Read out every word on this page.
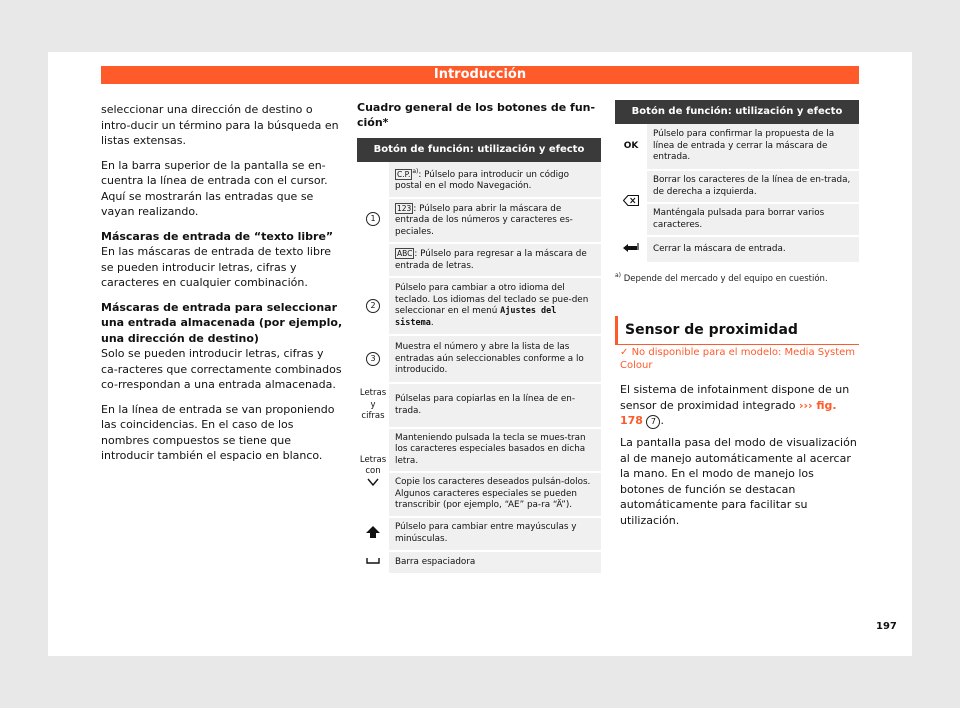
Introducción

seleccionar una dirección de destino o intro-ducir un término para la búsqueda en listas extensas.

En la barra superior de la pantalla se en-cuentra la línea de entrada con el cursor. Aquí se mostrarán las entradas que se vayan realizando.

Máscaras de entrada de “texto libre”

En las máscaras de entrada de texto libre se pueden introducir letras, cifras y caracteres en cualquier combinación.

Máscaras de entrada para seleccionar una entrada almacenada (por ejemplo, una dirección de destino)

Solo se pueden introducir letras, cifras y ca-racteres que correctamente combinados co-rrespondan a una entrada almacenada.

En la línea de entrada se van proponiendo las coincidencias. En el caso de los nombres compuestos se tiene que introducir también el espacio en blanco.

Cuadro general de los botones de fun-ción*

Botón de función: utilización y efecto	
1	C.P. $^{a)}$: Púlselo para introducir un código postal en el modo Navegación.
	123 : Púlselo para abrir la máscara de entrada de los números y caracteres es-peciales.
	ABC : Púlselo para regresar a la máscara de entrada de letras.
2	Púlselo para cambiar a otro idioma del teclado. Los idiomas del teclado se pue-den seleccionar en el menú Ajustes del sistema.
3	Muestra el número y abre la lista de las entradas aún seleccionables conforme a lo introducido.
Letras y cifras	Púlselas para copiarlas en la línea de en-trada.
Letras con	Manteniendo pulsada la tecla se mues-tran los caracteres especiales basados en dicha letra.
	Copie los caracteres deseados pulsán-dolos. Algunos caracteres especiales se pueden transcribir (por ejemplo, “AE” pa-ra “Ä”).
	Púlselo para cambiar entre mayúsculas y minúsculas.
	Barra espaciadora
Botón de función: utilización y efecto	
OK	Púlselo para confirmar la propuesta de la línea de entrada y cerrar la máscara de entrada.
	Borrar los caracteres de la línea de en-trada, de derecha a izquierda.
	Manténgala pulsada para borrar varios caracteres.
	Cerrar la máscara de entrada.

$^{a)}$ Depende del mercado y del equipo en cuestión.

Sensor de proximidad

✓ No disponible para el modelo: Media System Colour

El sistema de infotainment dispone de un sensor de proximidad integrado ››› fig. 178 7 .

La pantalla pasa del modo de visualización al de manejo automáticamente al acercar la mano. En el modo de manejo los botones de función se destacan automáticamente para facilitar su utilización.

197
